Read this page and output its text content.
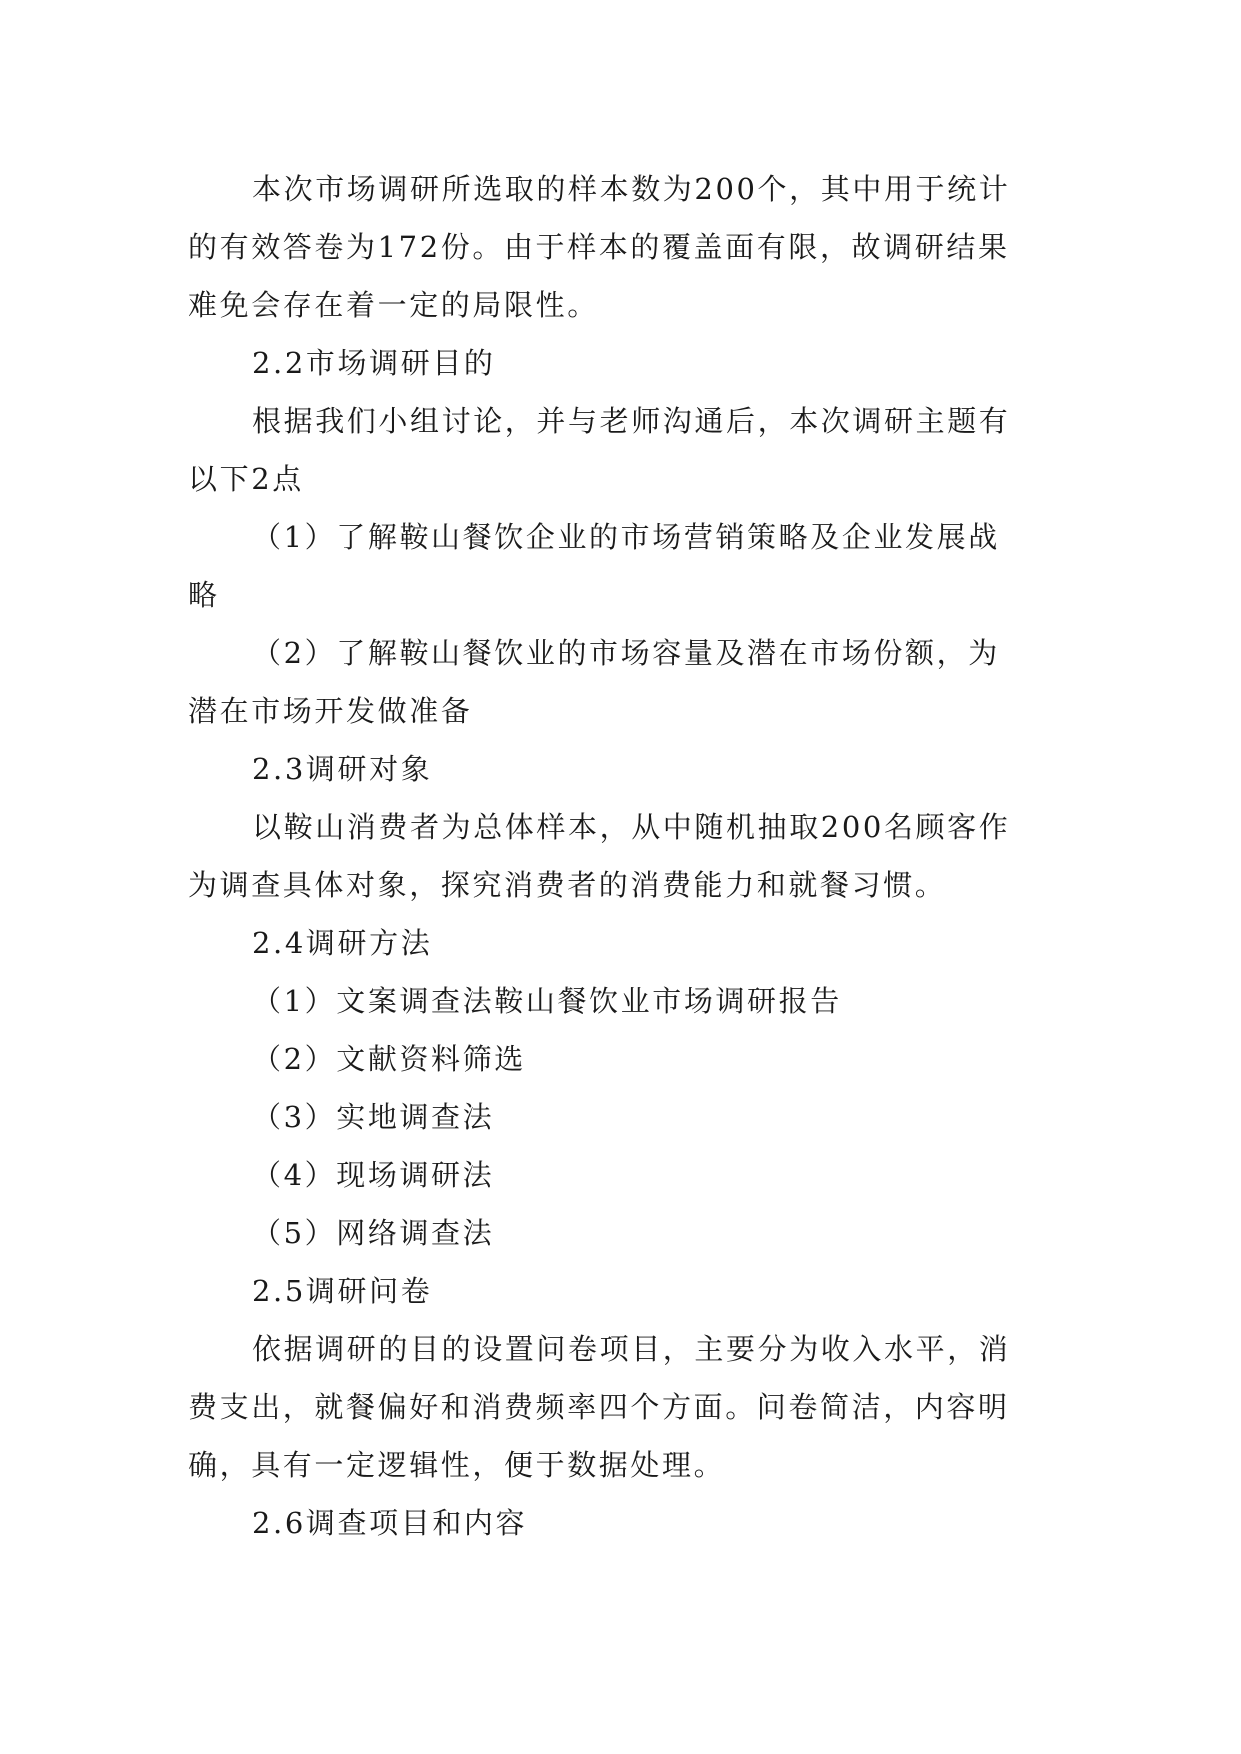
本次市场调研所选取的样本数为200个，其中用于统计

的有效答卷为172份。由于样本的覆盖面有限，故调研结果

难免会存在着一定的局限性。

2.2市场调研目的

根据我们小组讨论，并与老师沟通后，本次调研主题有

以下2点

（1）了解鞍山餐饮企业的市场营销策略及企业发展战

略

（2）了解鞍山餐饮业的市场容量及潜在市场份额，为

潜在市场开发做准备

2.3调研对象

以鞍山消费者为总体样本，从中随机抽取200名顾客作

为调查具体对象，探究消费者的消费能力和就餐习惯。

2.4调研方法

（1）文案调查法鞍山餐饮业市场调研报告

（2）文献资料筛选

（3）实地调查法

（4）现场调研法

（5）网络调查法

2.5调研问卷

依据调研的目的设置问卷项目，主要分为收入水平，消

费支出，就餐偏好和消费频率四个方面。问卷简洁，内容明

确，具有一定逻辑性，便于数据处理。

2.6调查项目和内容
